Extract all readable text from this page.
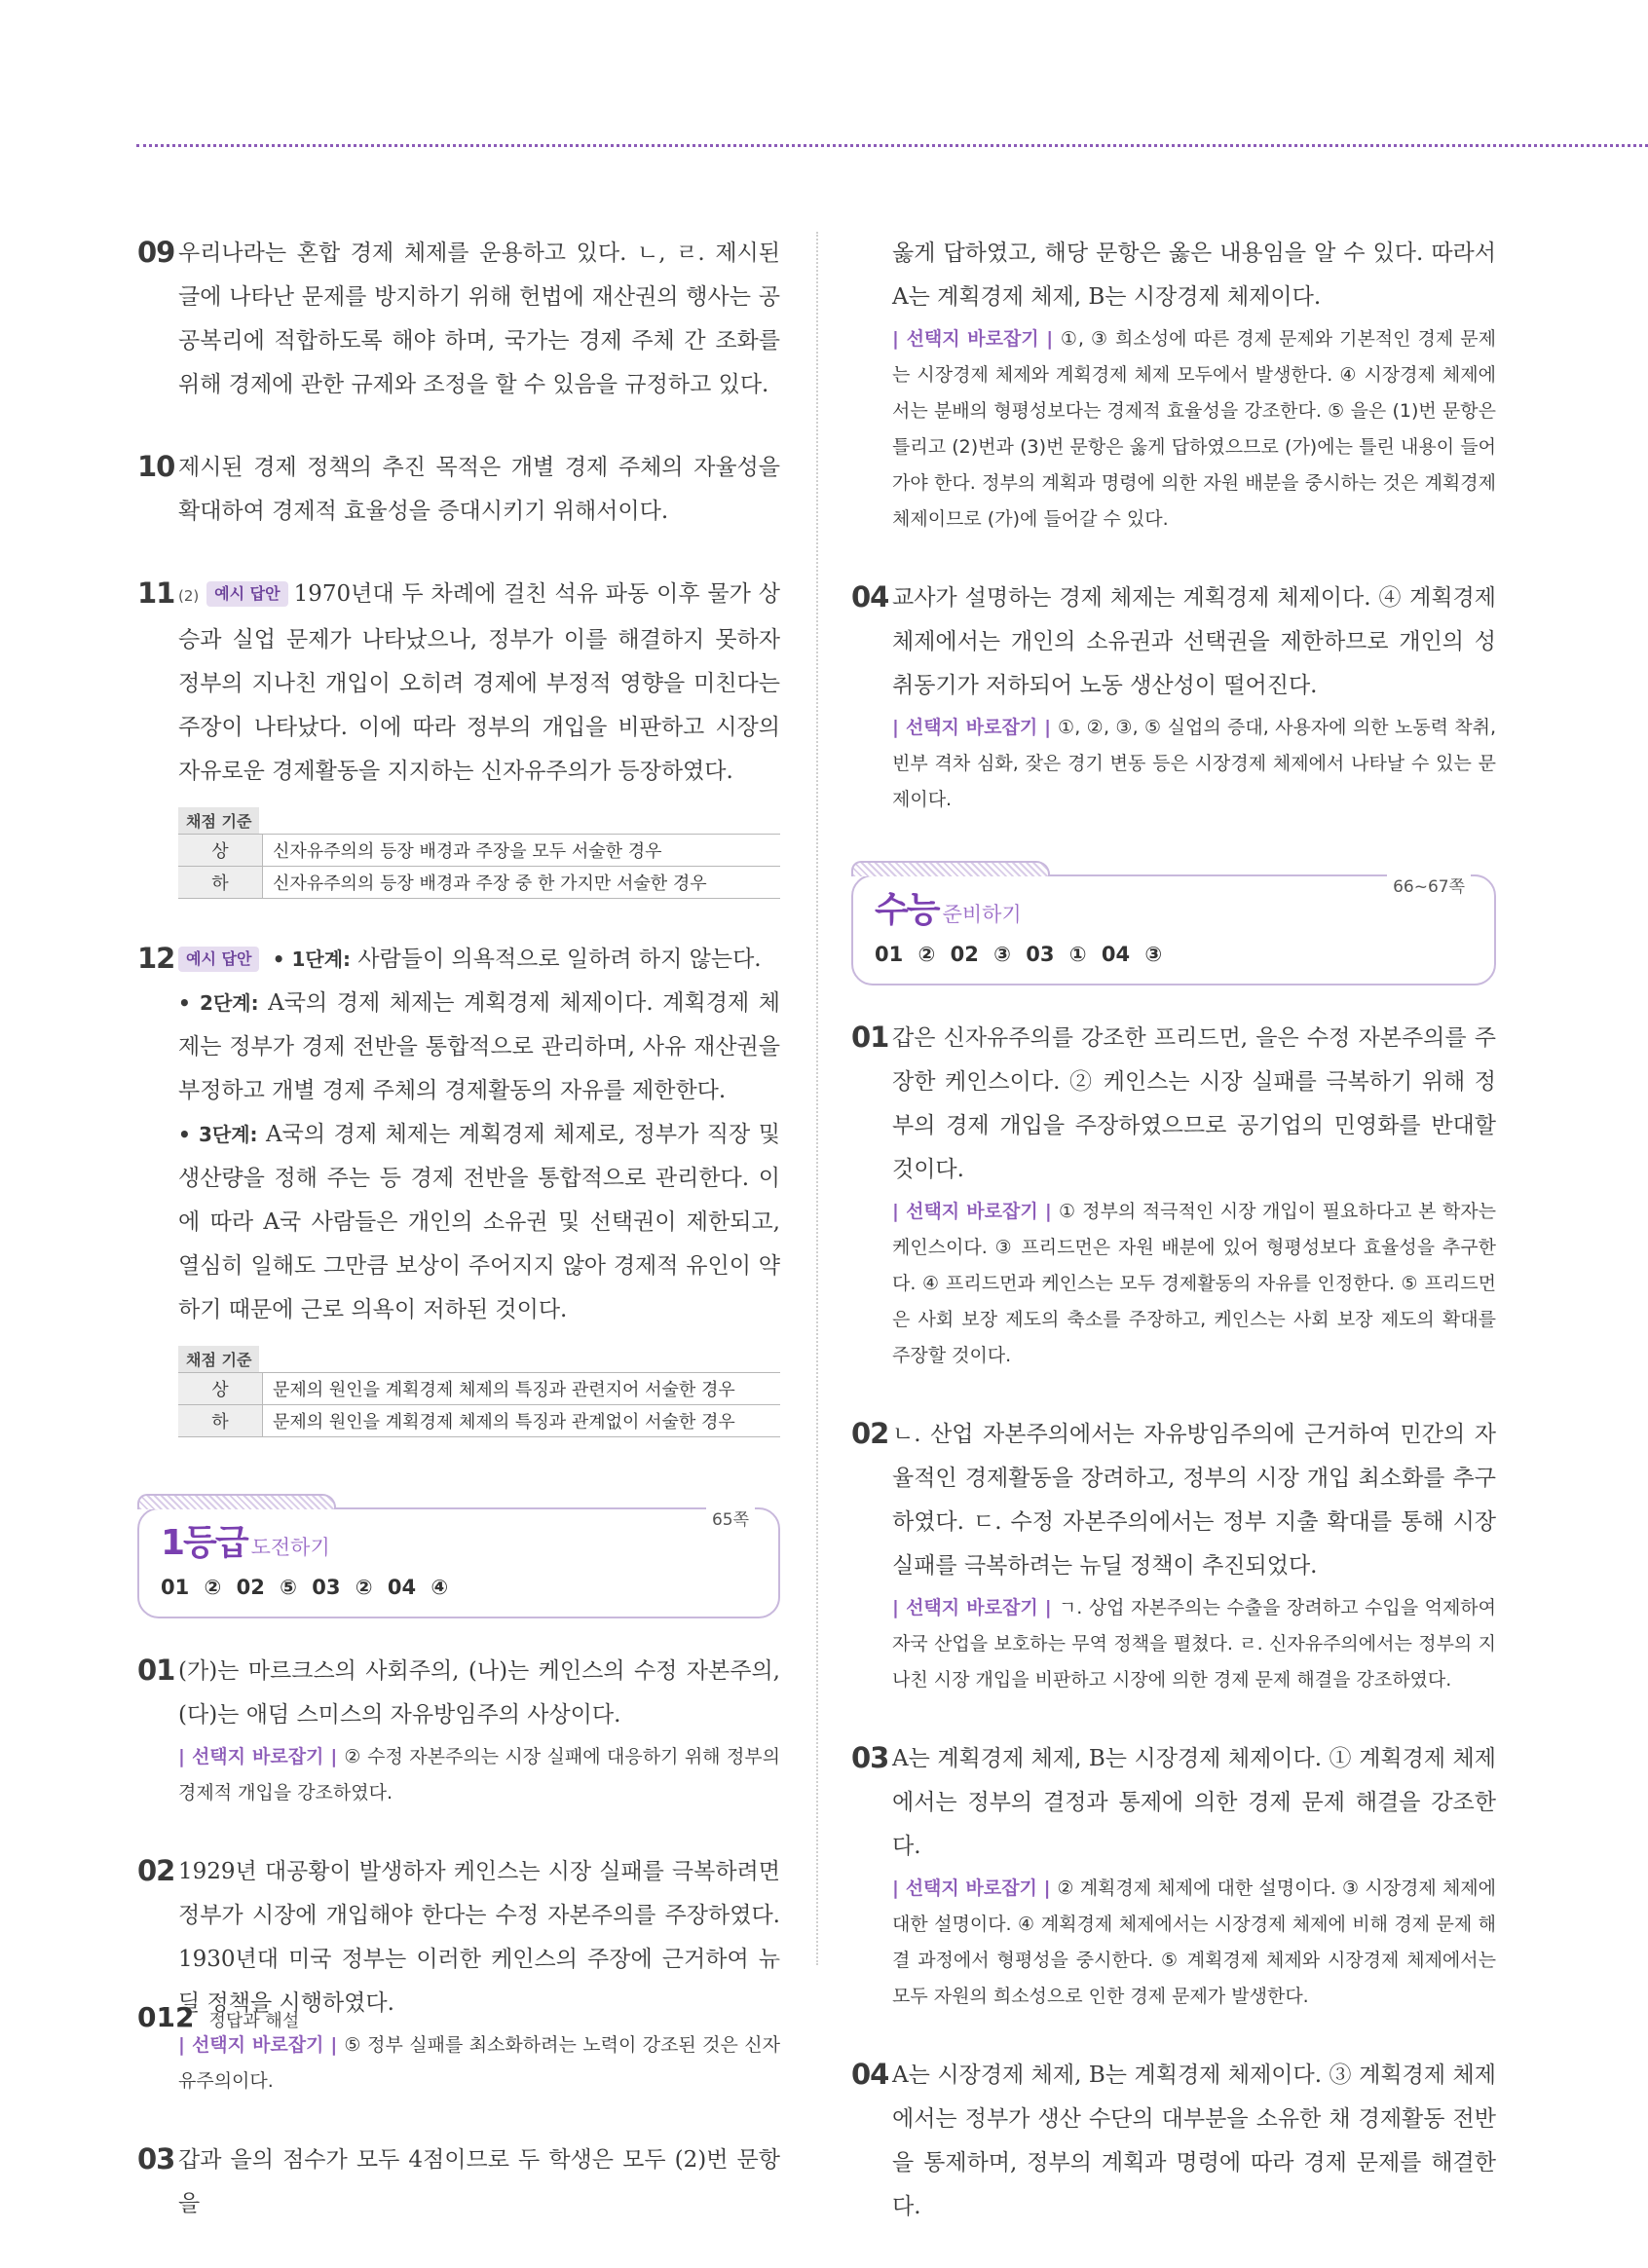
09 우리나라는 혼합 경제 체제를 운용하고 있다. ㄴ, ㄹ. 제시된 글에 나타난 문제를 방지하기 위해 헌법에 재산권의 행사는 공공복리에 적합하도록 해야 하며, 국가는 경제 주체 간 조화를 위해 경제에 관한 규제와 조정을 할 수 있음을 규정하고 있다.
10 제시된 경제 정책의 추진 목적은 개별 경제 주체의 자율성을 확대하여 경제적 효율성을 증대시키기 위해서이다.
11 (2) 예시 답안 1970년대 두 차례에 걸친 석유 파동 이후 물가 상승과 실업 문제가 나타났으나, 정부가 이를 해결하지 못하자 정부의 지나친 개입이 오히려 경제에 부정적 영향을 미친다는 주장이 나타났다. 이에 따라 정부의 개입을 비판하고 시장의 자유로운 경제활동을 지지하는 신자유주의가 등장하였다.
채점 기준
상	신자유주의의 등장 배경과 주장을 모두 서술한 경우
하	신자유주의의 등장 배경과 주장 중 한 가지만 서술한 경우
12 예시 답안 • 1단계: 사람들이 의욕적으로 일하려 하지 않는다.
• 2단계: A국의 경제 체제는 계획경제 체제이다. 계획경제 체제는 정부가 경제 전반을 통합적으로 관리하며, 사유 재산권을 부정하고 개별 경제 주체의 경제활동의 자유를 제한한다.
• 3단계: A국의 경제 체제는 계획경제 체제로, 정부가 직장 및 생산량을 정해 주는 등 경제 전반을 통합적으로 관리한다. 이에 따라 A국 사람들은 개인의 소유권 및 선택권이 제한되고, 열심히 일해도 그만큼 보상이 주어지지 않아 경제적 유인이 약하기 때문에 근로 의욕이 저하된 것이다.
채점 기준
상	문제의 원인을 계획경제 체제의 특징과 관련지어 서술한 경우
하	문제의 원인을 계획경제 체제의 특징과 관계없이 서술한 경우
1등급 도전하기
65쪽
01 ② 02 ⑤ 03 ② 04 ④
01 (가)는 마르크스의 사회주의, (나)는 케인스의 수정 자본주의, (다)는 애덤 스미스의 자유방임주의 사상이다.
| 선택지 바로잡기 | ② 수정 자본주의는 시장 실패에 대응하기 위해 정부의 경제적 개입을 강조하였다.
02 1929년 대공황이 발생하자 케인스는 시장 실패를 극복하려면 정부가 시장에 개입해야 한다는 수정 자본주의를 주장하였다. 1930년대 미국 정부는 이러한 케인스의 주장에 근거하여 뉴딜 정책을 시행하였다.
| 선택지 바로잡기 | ⑤ 정부 실패를 최소화하려는 노력이 강조된 것은 신자유주의이다.
03 갑과 을의 점수가 모두 4점이므로 두 학생은 모두 (2)번 문항을
옳게 답하였고, 해당 문항은 옳은 내용임을 알 수 있다. 따라서 A는 계획경제 체제, B는 시장경제 체제이다.
| 선택지 바로잡기 | ①, ③ 희소성에 따른 경제 문제와 기본적인 경제 문제는 시장경제 체제와 계획경제 체제 모두에서 발생한다. ④ 시장경제 체제에서는 분배의 형평성보다는 경제적 효율성을 강조한다. ⑤ 을은 (1)번 문항은 틀리고 (2)번과 (3)번 문항은 옳게 답하였으므로 (가)에는 틀린 내용이 들어가야 한다. 정부의 계획과 명령에 의한 자원 배분을 중시하는 것은 계획경제 체제이므로 (가)에 들어갈 수 있다.
04 교사가 설명하는 경제 체제는 계획경제 체제이다. ④ 계획경제 체제에서는 개인의 소유권과 선택권을 제한하므로 개인의 성취동기가 저하되어 노동 생산성이 떨어진다.
| 선택지 바로잡기 | ①, ②, ③, ⑤ 실업의 증대, 사용자에 의한 노동력 착취, 빈부 격차 심화, 잦은 경기 변동 등은 시장경제 체제에서 나타날 수 있는 문제이다.
수능 준비하기
66~67쪽
01 ② 02 ③ 03 ① 04 ③
01 갑은 신자유주의를 강조한 프리드먼, 을은 수정 자본주의를 주장한 케인스이다. ② 케인스는 시장 실패를 극복하기 위해 정부의 경제 개입을 주장하였으므로 공기업의 민영화를 반대할 것이다.
| 선택지 바로잡기 | ① 정부의 적극적인 시장 개입이 필요하다고 본 학자는 케인스이다. ③ 프리드먼은 자원 배분에 있어 형평성보다 효율성을 추구한다. ④ 프리드먼과 케인스는 모두 경제활동의 자유를 인정한다. ⑤ 프리드먼은 사회 보장 제도의 축소를 주장하고, 케인스는 사회 보장 제도의 확대를 주장할 것이다.
02 ㄴ. 산업 자본주의에서는 자유방임주의에 근거하여 민간의 자율적인 경제활동을 장려하고, 정부의 시장 개입 최소화를 추구하였다. ㄷ. 수정 자본주의에서는 정부 지출 확대를 통해 시장 실패를 극복하려는 뉴딜 정책이 추진되었다.
| 선택지 바로잡기 | ㄱ. 상업 자본주의는 수출을 장려하고 수입을 억제하여 자국 산업을 보호하는 무역 정책을 펼쳤다. ㄹ. 신자유주의에서는 정부의 지나친 시장 개입을 비판하고 시장에 의한 경제 문제 해결을 강조하였다.
03 A는 계획경제 체제, B는 시장경제 체제이다. ① 계획경제 체제에서는 정부의 결정과 통제에 의한 경제 문제 해결을 강조한다.
| 선택지 바로잡기 | ② 계획경제 체제에 대한 설명이다. ③ 시장경제 체제에 대한 설명이다. ④ 계획경제 체제에서는 시장경제 체제에 비해 경제 문제 해결 과정에서 형평성을 중시한다. ⑤ 계획경제 체제와 시장경제 체제에서는 모두 자원의 희소성으로 인한 경제 문제가 발생한다.
04 A는 시장경제 체제, B는 계획경제 체제이다. ③ 계획경제 체제에서는 정부가 생산 수단의 대부분을 소유한 채 경제활동 전반을 통제하며, 정부의 계획과 명령에 따라 경제 문제를 해결한다.
012 정답과 해설
